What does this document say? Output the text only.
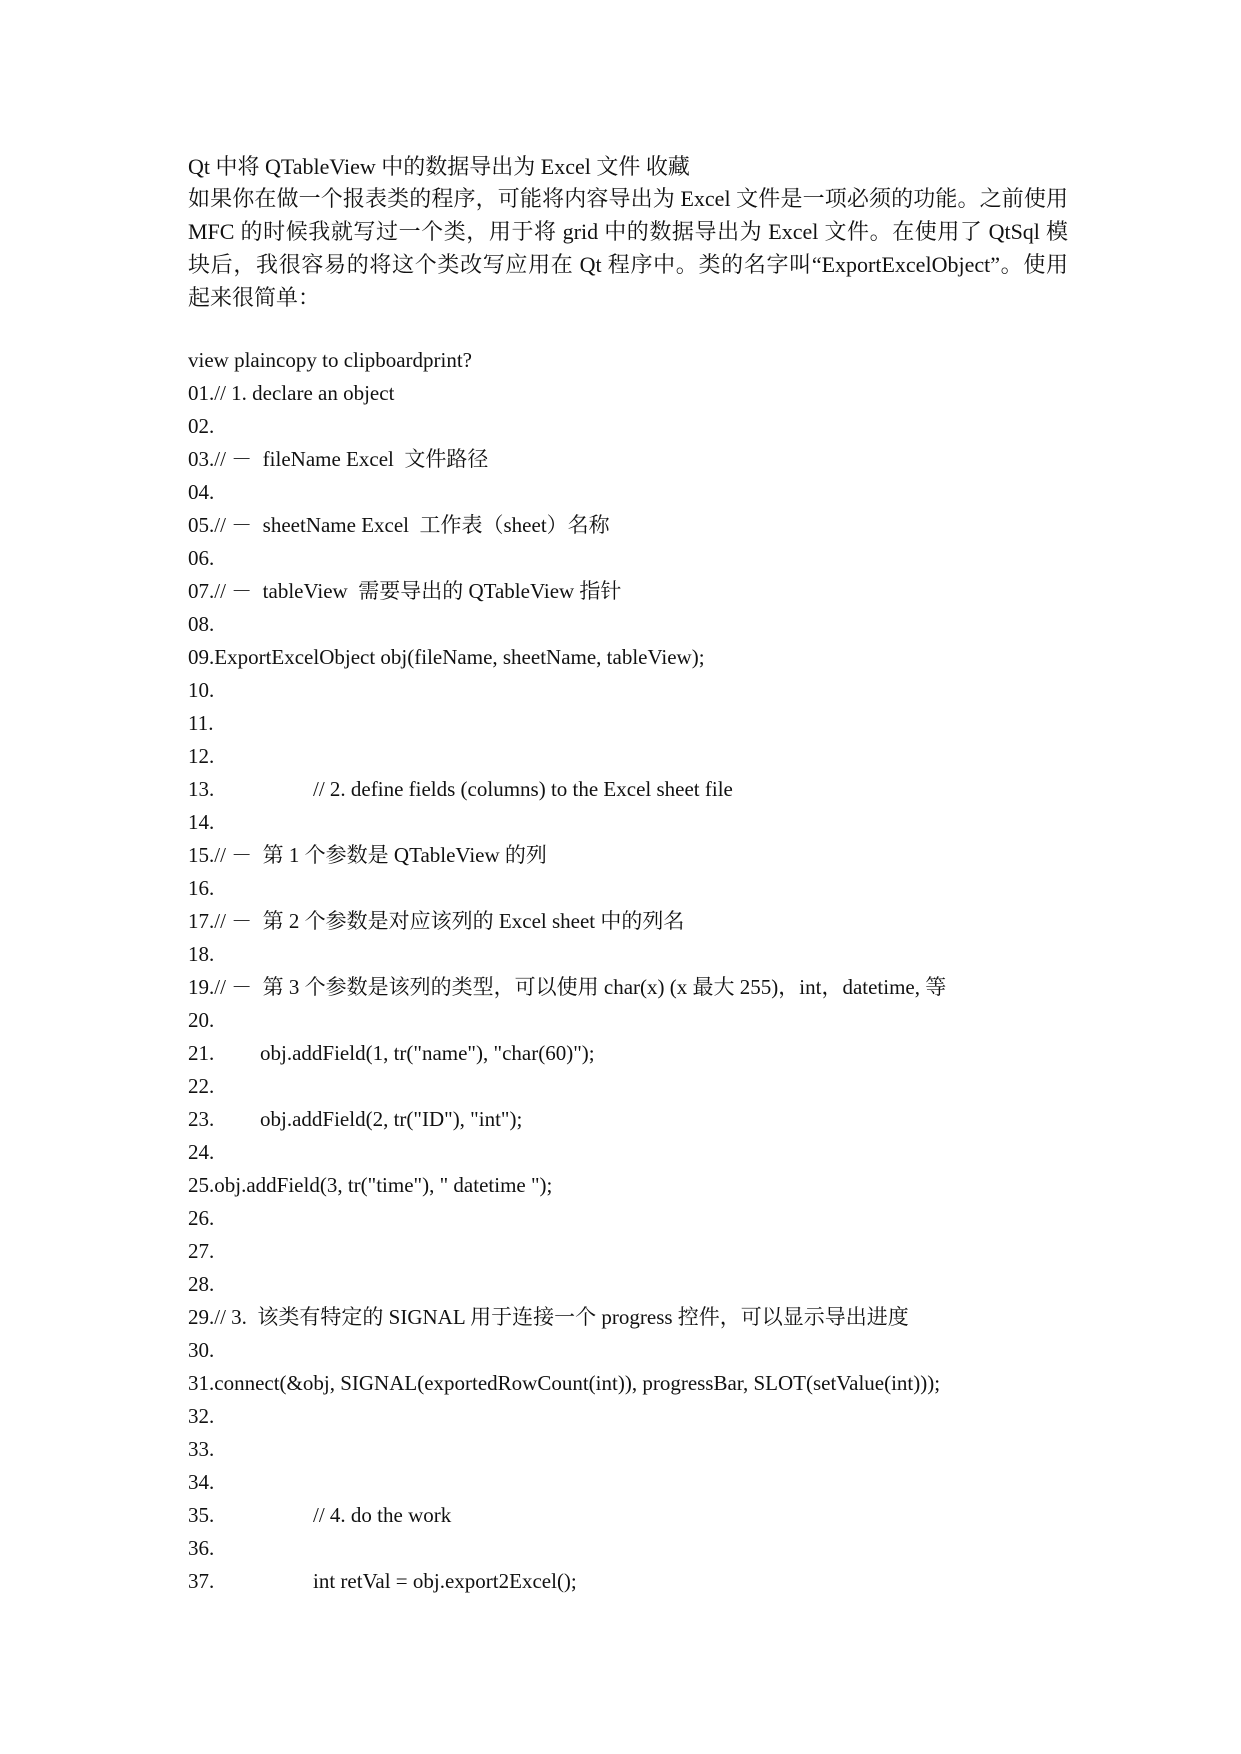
Qt 中将 QTableView 中的数据导出为 Excel 文件 收藏

如果你在做一个报表类的程序，可能将内容导出为 Excel 文件是一项必须的功能。之前使用 MFC 的时候我就写过一个类，用于将 grid 中的数据导出为 Excel 文件。在使用了 QtSql 模块后，我很容易的将这个类改写应用在 Qt 程序中。类的名字叫“ExportExcelObject”。使用起来很简单：

view plaincopy to clipboardprint?
01.// 1. declare an object
02.
03.// －  fileName Excel  文件路径
04.
05.// －  sheetName Excel  工作表（sheet）名称
06.
07.// －  tableView  需要导出的 QTableView 指针
08.
09.ExportExcelObject obj(fileName, sheetName, tableView);
10.
11.
12.
13.	// 2. define fields (columns) to the Excel sheet file
14.
15.// －  第 1 个参数是 QTableView 的列
16.
17.// －  第 2 个参数是对应该列的 Excel sheet 中的列名
18.
19.// －  第 3 个参数是该列的类型，可以使用 char(x) (x 最大 255)，int，datetime, 等
20.
21. obj.addField(1, tr("name"), "char(60)");
22.
23. obj.addField(2, tr("ID"), "int");
24.
25.obj.addField(3, tr("time"), " datetime ");
26.
27.
28.
29.// 3.  该类有特定的 SIGNAL 用于连接一个 progress 控件，可以显示导出进度
30.
31.connect(&obj, SIGNAL(exportedRowCount(int)), progressBar, SLOT(setValue(int)));
32.
33.
34.
35.	// 4. do the work
36.
37.	int retVal = obj.export2Excel();
